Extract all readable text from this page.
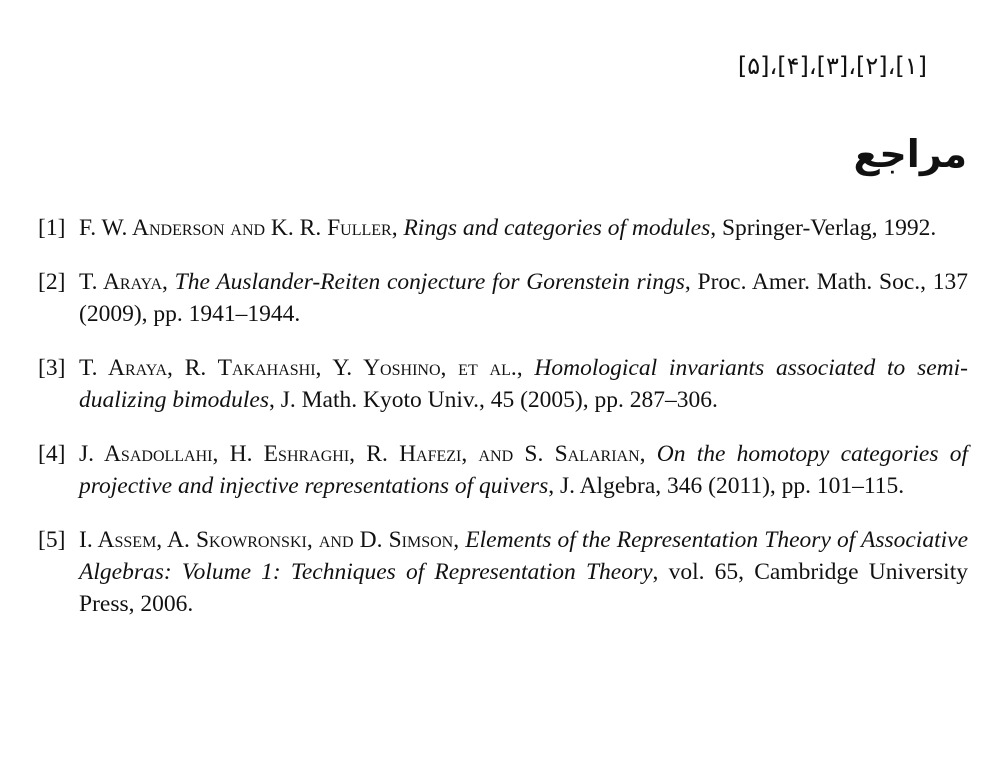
[۱]،[۲]،[۳]،[۴]،[۵]
مراجع
[1] F. W. Anderson and K. R. Fuller, Rings and categories of modules, Springer-Verlag, 1992.
[2] T. Araya, The Auslander-Reiten conjecture for Gorenstein rings, Proc. Amer. Math. Soc., 137 (2009), pp. 1941–1944.
[3] T. Araya, R. Takahashi, Y. Yoshino, et al., Homological invariants associated to semi-dualizing bimodules, J. Math. Kyoto Univ., 45 (2005), pp. 287–306.
[4] J. Asadollahi, H. Eshraghi, R. Hafezi, and S. Salarian, On the homotopy categories of projective and injective representations of quivers, J. Algebra, 346 (2011), pp. 101–115.
[5] I. Assem, A. Skowronski, and D. Simson, Elements of the Representation Theory of Associative Algebras: Volume 1: Techniques of Representation Theory, vol. 65, Cambridge University Press, 2006.
